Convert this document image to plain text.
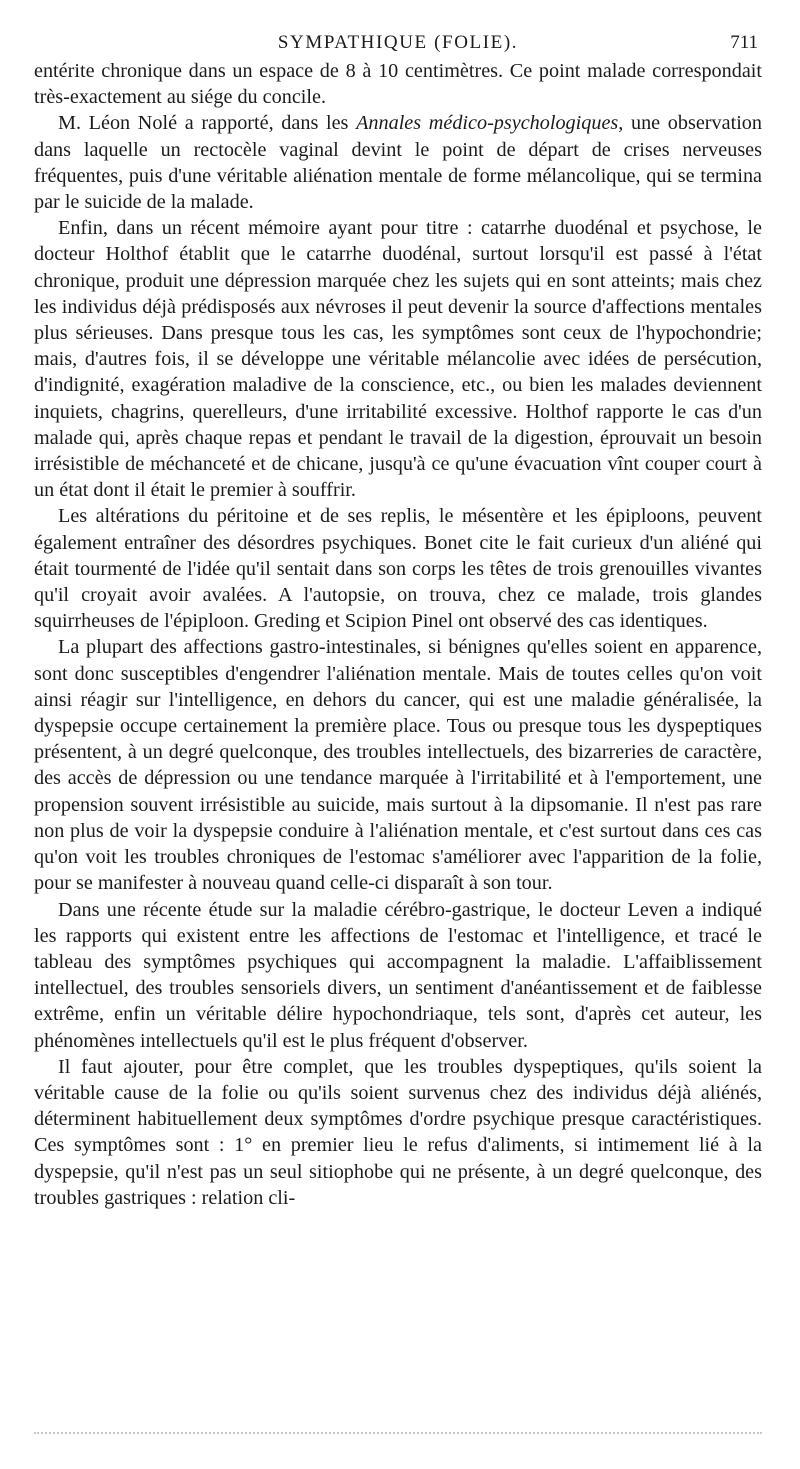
SYMPATHIQUE (FOLIE).	711

entérite chronique dans un espace de 8 à 10 centimètres. Ce point malade correspondait très-exactement au siége du concile.

M. Léon Nolé a rapporté, dans les Annales médico-psychologiques, une observation dans laquelle un rectocèle vaginal devint le point de départ de crises nerveuses fréquentes, puis d'une véritable aliénation mentale de forme mélancolique, qui se termina par le suicide de la malade.

Enfin, dans un récent mémoire ayant pour titre : catarrhe duodénal et psychose, le docteur Holthof établit que le catarrhe duodénal, surtout lorsqu'il est passé à l'état chronique, produit une dépression marquée chez les sujets qui en sont atteints; mais chez les individus déjà prédisposés aux névroses il peut devenir la source d'affections mentales plus sérieuses. Dans presque tous les cas, les symptômes sont ceux de l'hypochondrie; mais, d'autres fois, il se développe une véritable mélancolie avec idées de persécution, d'indignité, exagération maladive de la conscience, etc., ou bien les malades deviennent inquiets, chagrins, querelleurs, d'une irritabilité excessive. Holthof rapporte le cas d'un malade qui, après chaque repas et pendant le travail de la digestion, éprouvait un besoin irrésistible de méchanceté et de chicane, jusqu'à ce qu'une évacuation vînt couper court à un état dont il était le premier à souffrir.

Les altérations du péritoine et de ses replis, le mésentère et les épiploons, peuvent également entraîner des désordres psychiques. Bonet cite le fait curieux d'un aliéné qui était tourmenté de l'idée qu'il sentait dans son corps les têtes de trois grenouilles vivantes qu'il croyait avoir avalées. A l'autopsie, on trouva, chez ce malade, trois glandes squirrheuses de l'épiploon. Greding et Scipion Pinel ont observé des cas identiques.

La plupart des affections gastro-intestinales, si bénignes qu'elles soient en apparence, sont donc susceptibles d'engendrer l'aliénation mentale. Mais de toutes celles qu'on voit ainsi réagir sur l'intelligence, en dehors du cancer, qui est une maladie généralisée, la dyspepsie occupe certainement la première place. Tous ou presque tous les dyspeptiques présentent, à un degré quelconque, des troubles intellectuels, des bizarreries de caractère, des accès de dépression ou une tendance marquée à l'irritabilité et à l'emportement, une propension souvent irrésistible au suicide, mais surtout à la dipsomanie. Il n'est pas rare non plus de voir la dyspepsie conduire à l'aliénation mentale, et c'est surtout dans ces cas qu'on voit les troubles chroniques de l'estomac s'améliorer avec l'apparition de la folie, pour se manifester à nouveau quand celle-ci disparaît à son tour.

Dans une récente étude sur la maladie cérébro-gastrique, le docteur Leven a indiqué les rapports qui existent entre les affections de l'estomac et l'intelligence, et tracé le tableau des symptômes psychiques qui accompagnent la maladie. L'affaiblissement intellectuel, des troubles sensoriels divers, un sentiment d'anéantissement et de faiblesse extrême, enfin un véritable délire hypochondriaque, tels sont, d'après cet auteur, les phénomènes intellectuels qu'il est le plus fréquent d'observer.

Il faut ajouter, pour être complet, que les troubles dyspeptiques, qu'ils soient la véritable cause de la folie ou qu'ils soient survenus chez des individus déjà aliénés, déterminent habituellement deux symptômes d'ordre psychique presque caractéristiques. Ces symptômes sont : 1° en premier lieu le refus d'aliments, si intimement lié à la dyspepsie, qu'il n'est pas un seul sitiophobe qui ne présente, à un degré quelconque, des troubles gastriques : relation cli-
